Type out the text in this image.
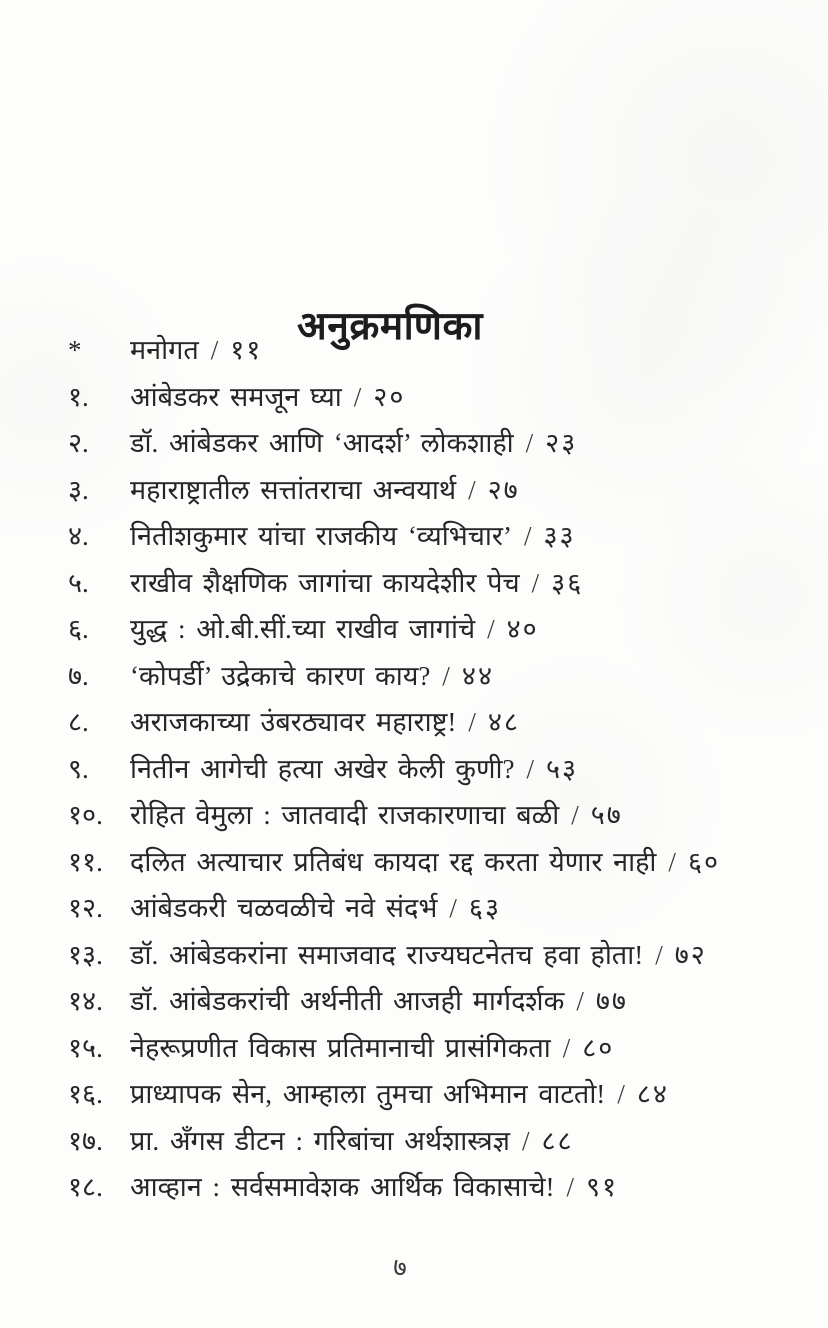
अनुक्रमणिका
*	मनोगत / ११
१.	आंबेडकर समजून घ्या / २०
२.	डॉ. आंबेडकर आणि ‘आदर्श’ लोकशाही / २३
३.	महाराष्ट्रातील सत्तांतराचा अन्वयार्थ / २७
४.	नितीशकुमार यांचा राजकीय ‘व्यभिचार’ / ३३
५.	राखीव शैक्षणिक जागांचा कायदेशीर पेच / ३६
६.	युद्ध : ओ.बी.सीं.च्या राखीव जागांचे / ४०
७.	‘कोपर्डी’ उद्रेकाचे कारण काय? / ४४
८.	अराजकाच्या उंबरठ्यावर महाराष्ट्र! / ४८
९.	नितीन आगेची हत्या अखेर केली कुणी? / ५३
१०.	रोहित वेमुला : जातवादी राजकारणाचा बळी / ५७
११.	दलित अत्याचार प्रतिबंध कायदा रद्द करता येणार नाही / ६०
१२.	आंबेडकरी चळवळीचे नवे संदर्भ / ६३
१३.	डॉ. आंबेडकरांना समाजवाद राज्यघटनेतच हवा होता! / ७२
१४.	डॉ. आंबेडकरांची अर्थनीती आजही मार्गदर्शक / ७७
१५.	नेहरूप्रणीत विकास प्रतिमानाची प्रासंगिकता / ८०
१६.	प्राध्यापक सेन, आम्हाला तुमचा अभिमान वाटतो! / ८४
१७.	प्रा. अँगस डीटन : गरिबांचा अर्थशास्त्रज्ञ / ८८
१८.	आव्हान : सर्वसमावेशक आर्थिक विकासाचे! / ९१
७
